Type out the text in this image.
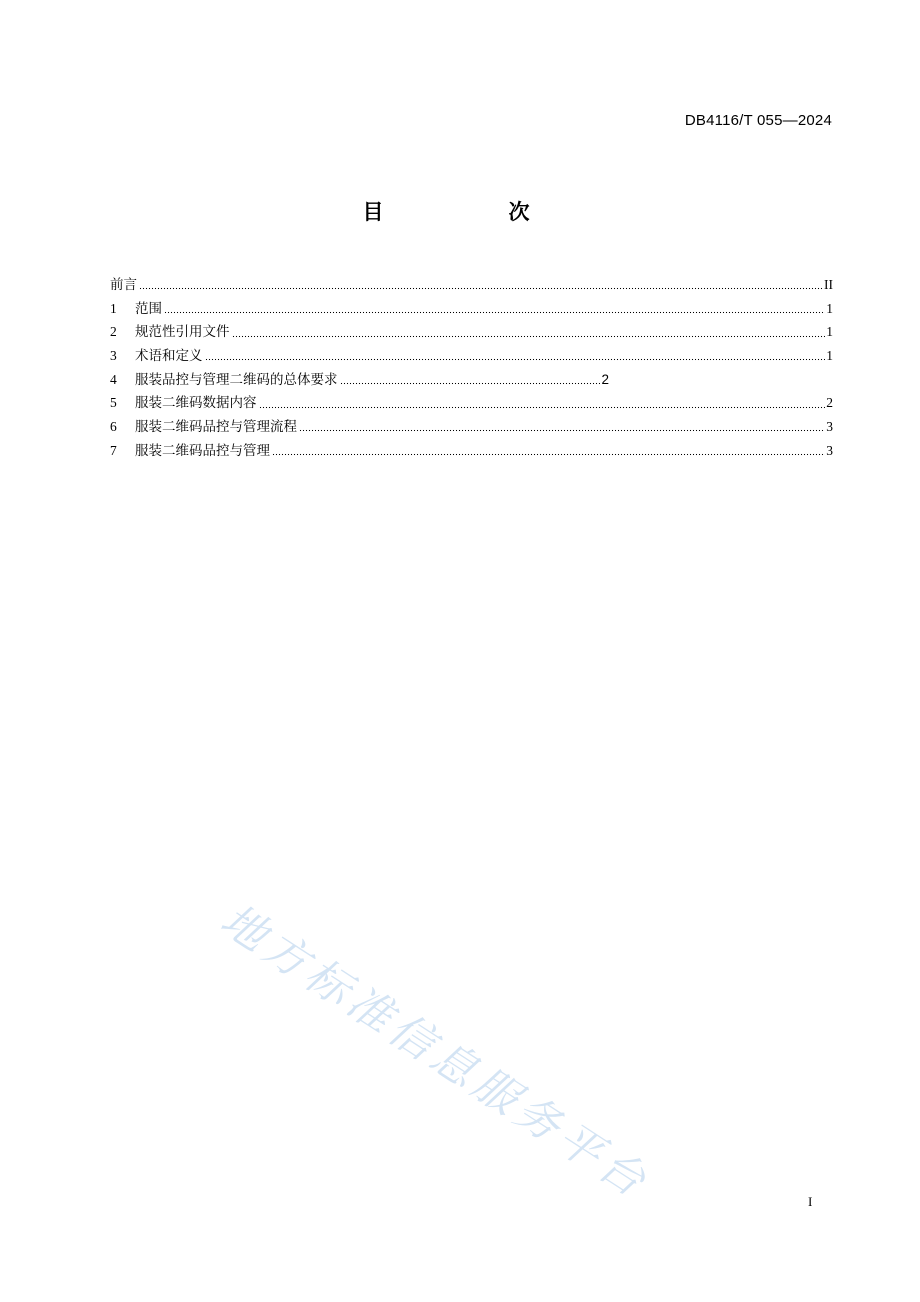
DB4116/T 055—2024
目　次
前言	II
1	范围	1
2	规范性引用文件	1
3	术语和定义	1
4	服装品控与管理二维码的总体要求	2
5	服装二维码数据内容	2
6	服装二维码品控与管理流程	3
7	服装二维码品控与管理	3
地方标准信息服务平台	I
